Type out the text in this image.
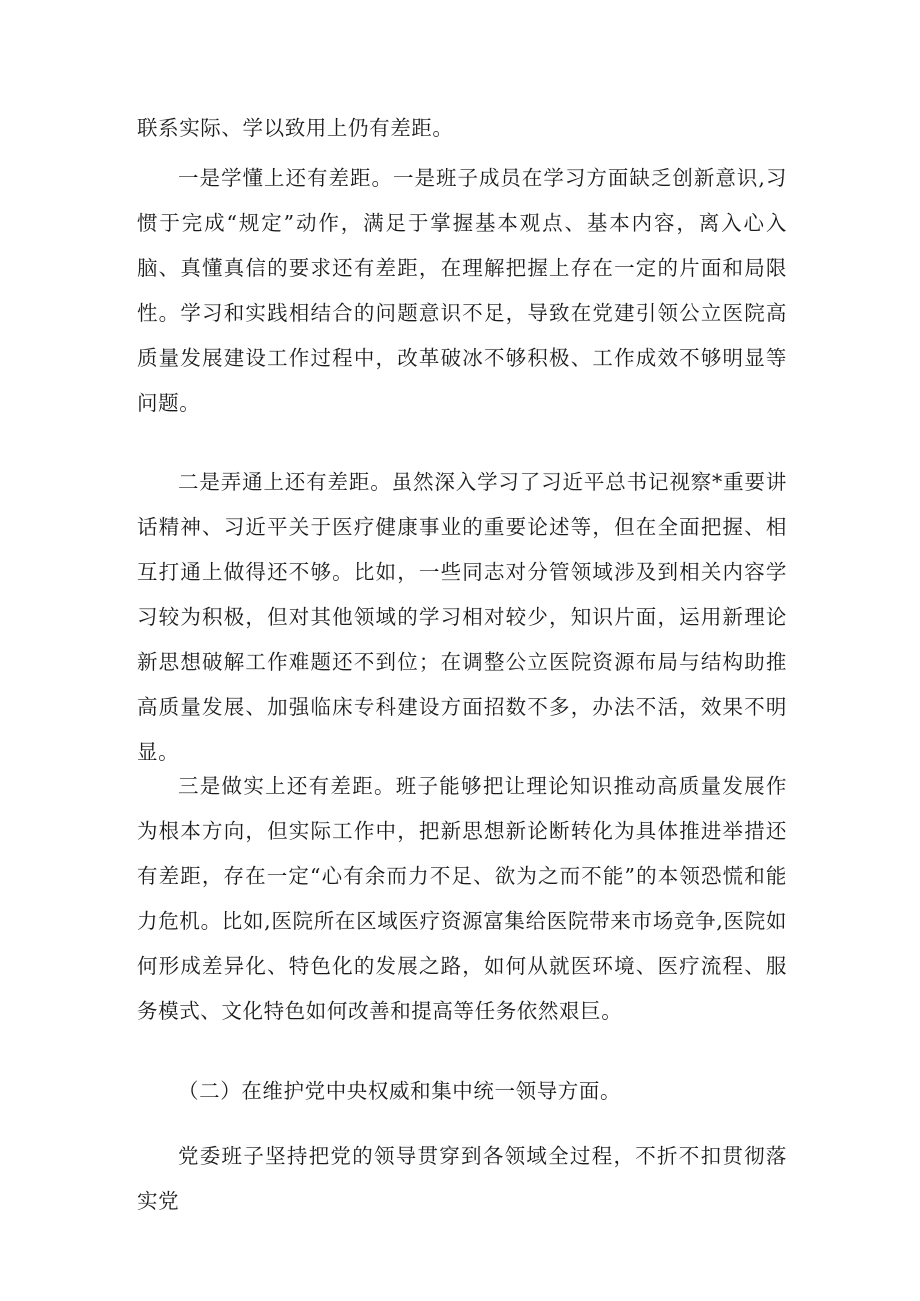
联系实际、学以致用上仍有差距。

一是学懂上还有差距。一是班子成员在学习方面缺乏创新意识,习惯于完成“规定”动作，满足于掌握基本观点、基本内容，离入心入脑、真懂真信的要求还有差距，在理解把握上存在一定的片面和局限性。学习和实践相结合的问题意识不足，导致在党建引领公立医院高质量发展建设工作过程中，改革破冰不够积极、工作成效不够明显等问题。

二是弄通上还有差距。虽然深入学习了习近平总书记视察*重要讲话精神、习近平关于医疗健康事业的重要论述等，但在全面把握、相互打通上做得还不够。比如，一些同志对分管领域涉及到相关内容学习较为积极，但对其他领域的学习相对较少，知识片面，运用新理论新思想破解工作难题还不到位；在调整公立医院资源布局与结构助推高质量发展、加强临床专科建设方面招数不多，办法不活，效果不明显。

三是做实上还有差距。班子能够把让理论知识推动高质量发展作为根本方向，但实际工作中，把新思想新论断转化为具体推进举措还有差距，存在一定“心有余而力不足、欲为之而不能”的本领恐慌和能力危机。比如,医院所在区域医疗资源富集给医院带来市场竞争,医院如何形成差异化、特色化的发展之路，如何从就医环境、医疗流程、服务模式、文化特色如何改善和提高等任务依然艰巨。

（二）在维护党中央权威和集中统一领导方面。

党委班子坚持把党的领导贯穿到各领域全过程，不折不扣贯彻落实党
